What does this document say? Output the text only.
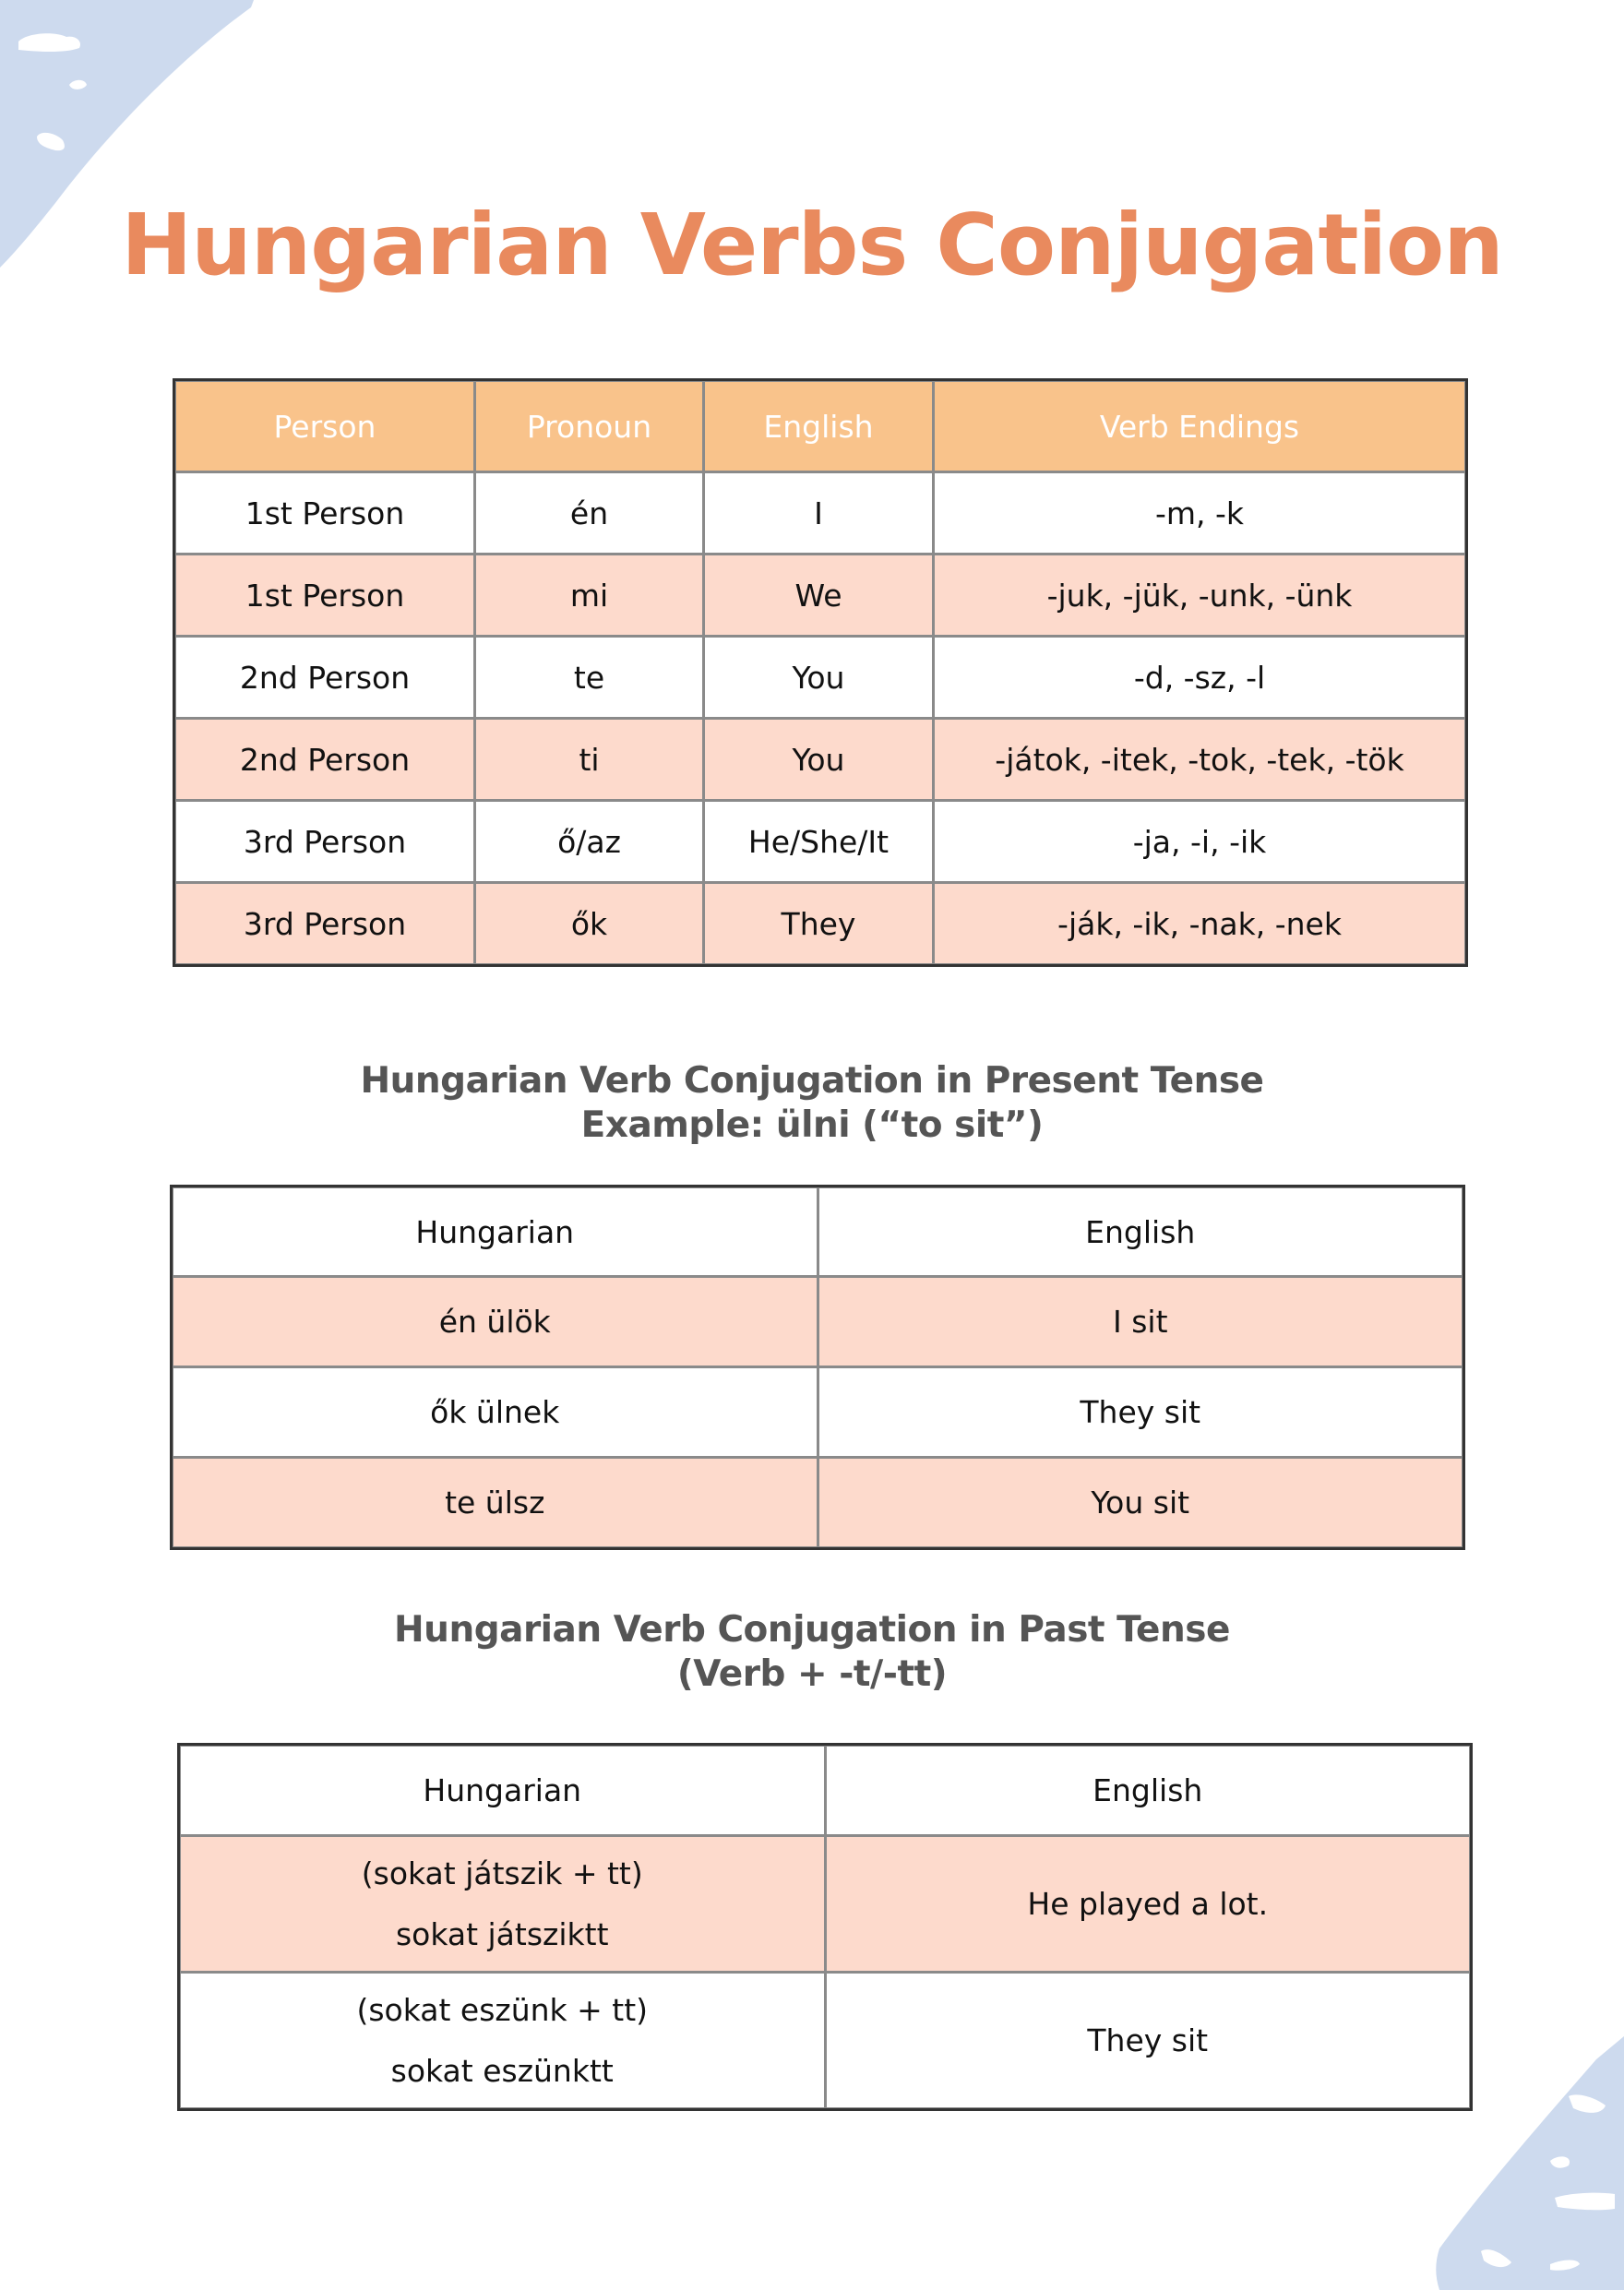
Hungarian Verbs Conjugation
Person	Pronoun	English	Verb Endings
1st Person	én	I	-m, -k
1st Person	mi	We	-juk, -jük, -unk, -ünk
2nd Person	te	You	-d, -sz, -l
2nd Person	ti	You	-játok, -itek, -tok, -tek, -tök
3rd Person	ő/az	He/She/It	-ja, -i, -ik
3rd Person	ők	They	-ják, -ik, -nak, -nek
Hungarian Verb Conjugation in Present Tense
Example: ülni (“to sit”)
Hungarian	English
én ülök	I sit
ők ülnek	They sit
te ülsz	You sit
Hungarian Verb Conjugation in Past Tense
(Verb + -t/-tt)
Hungarian	English

(sokat játszik + tt)
sokat játsziktt	He played a lot.

(sokat eszünk + tt)
sokat eszünktt	They sit
